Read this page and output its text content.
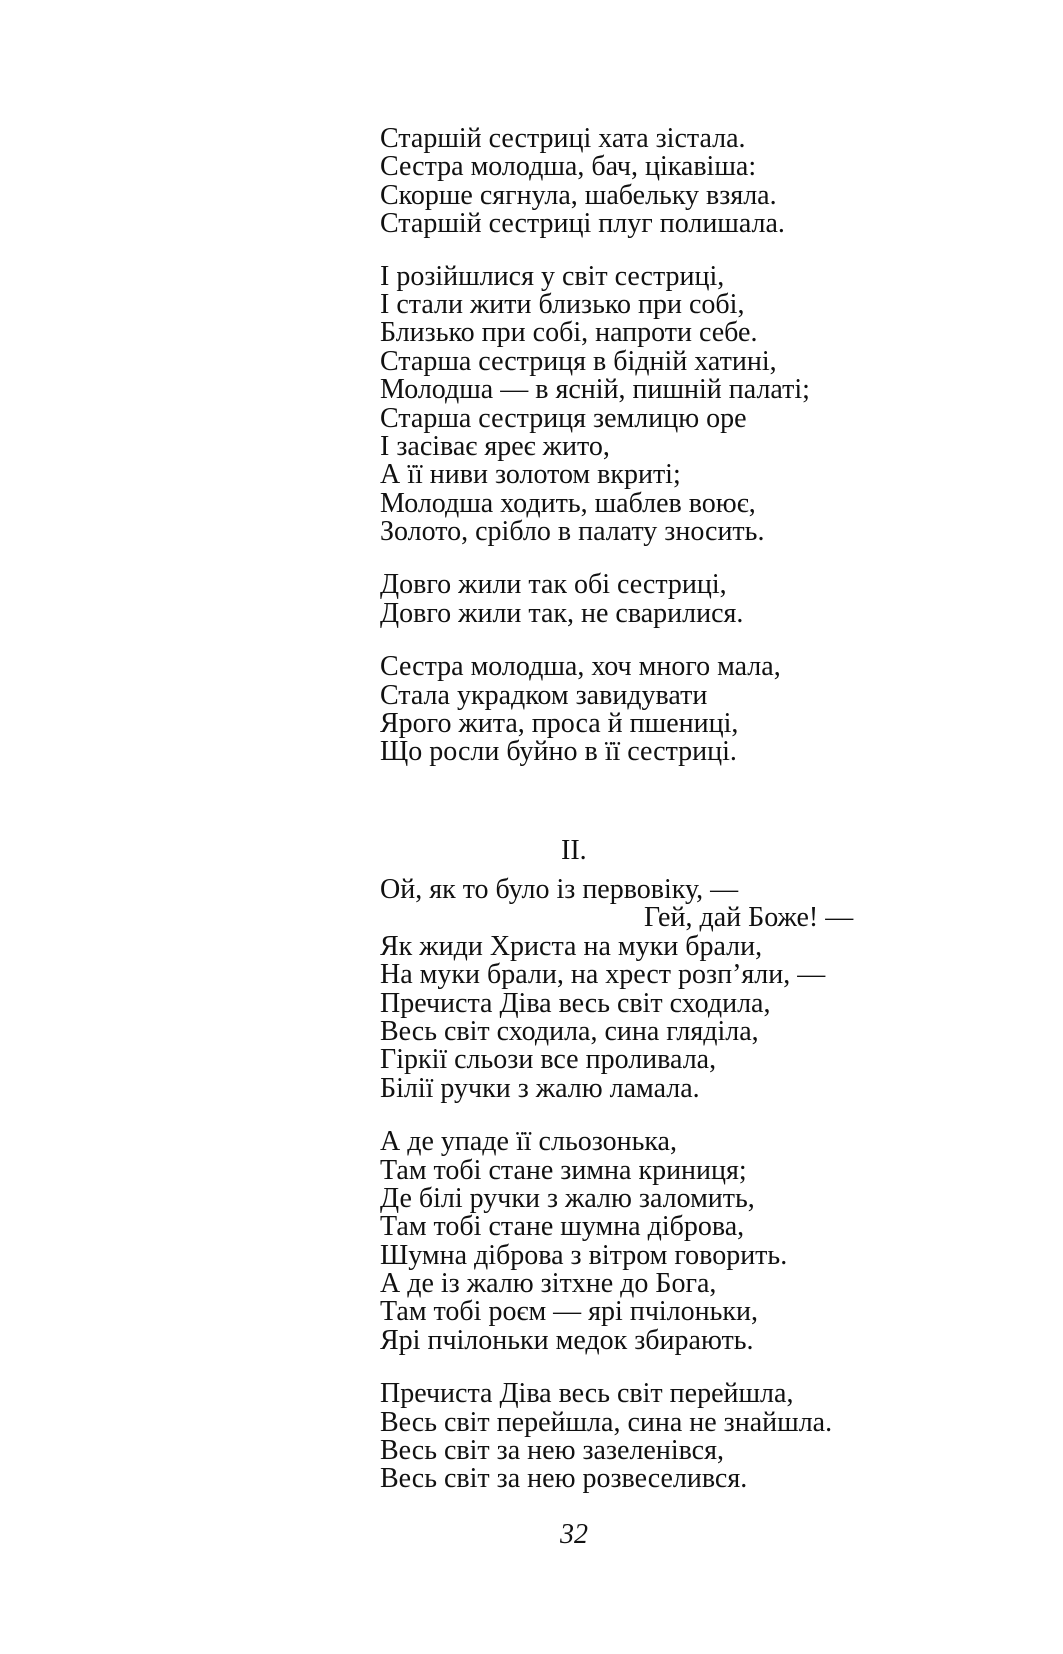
Старшій сестриці хата зістала.
Сестра молодша, бач, цікавіша:
Скорше сягнула, шабельку взяла.
Старшій сестриці плуг полишала.
І розійшлися у світ сестриці,
І стали жити близько при собі,
Близько при собі, напроти себе.
Старша сестриця в бідній хатині,
Молодша — в ясній, пишній палаті;
Старша сестриця землицю оре
І засіває яреє жито,
А її ниви золотом вкриті;
Молодша ходить, шаблев воює,
Золото, срібло в палату зносить.
Довго жили так обі сестриці,
Довго жили так, не сварилися.
Сестра молодша, хоч много мала,
Стала украдком завидувати
Ярого жита, проса й пшениці,
Що росли буйно в її сестриці.
II.
Ой, як то було із первовіку, —
Гей, дай Боже! —
Як жиди Христа на муки брали,
На муки брали, на хрест розп’яли, —
Пречиста Діва весь світ сходила,
Весь світ сходила, сина гляділа,
Гіркії сльози все проливала,
Білії ручки з жалю ламала.
А де упаде її сльозонька,
Там тобі стане зимна криниця;
Де білі ручки з жалю заломить,
Там тобі стане шумна діброва,
Шумна діброва з вітром говорить.
А де із жалю зітхне до Бога,
Там тобі роєм — ярі пчілоньки,
Ярі пчілоньки медок збирають.
Пречиста Діва весь світ перейшла,
Весь світ перейшла, сина не знайшла.
Весь світ за нею зазеленівся,
Весь світ за нею розвеселився.
32
